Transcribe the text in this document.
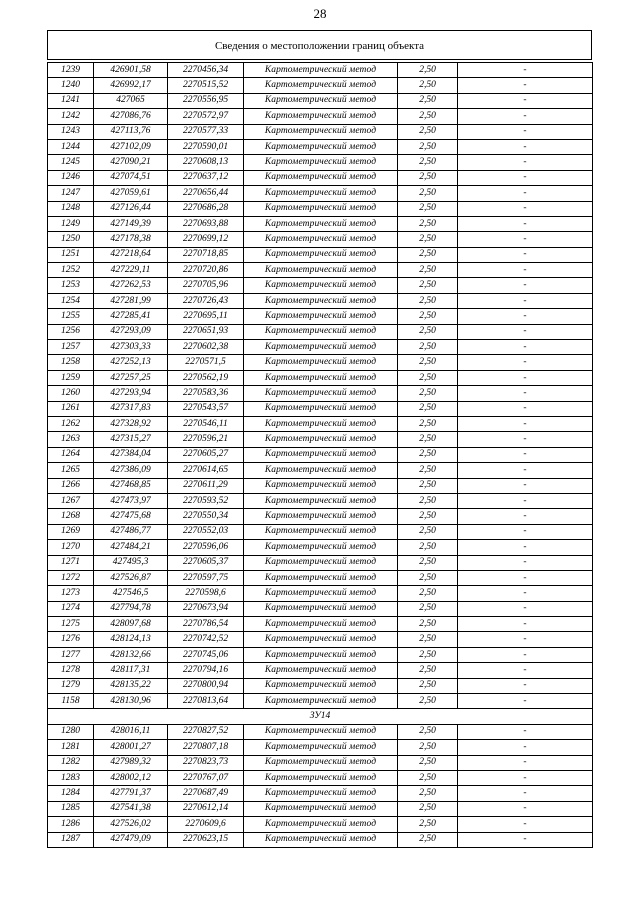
28
Сведения о местоположении границ объекта
1239	426901,58	2270456,34	Картометрический метод	2,50	-
1240	426992,17	2270515,52	Картометрический метод	2,50	-
1241	427065	2270556,95	Картометрический метод	2,50	-
1242	427086,76	2270572,97	Картометрический метод	2,50	-
1243	427113,76	2270577,33	Картометрический метод	2,50	-
1244	427102,09	2270590,01	Картометрический метод	2,50	-
1245	427090,21	2270608,13	Картометрический метод	2,50	-
1246	427074,51	2270637,12	Картометрический метод	2,50	-
1247	427059,61	2270656,44	Картометрический метод	2,50	-
1248	427126,44	2270686,28	Картометрический метод	2,50	-
1249	427149,39	2270693,88	Картометрический метод	2,50	-
1250	427178,38	2270699,12	Картометрический метод	2,50	-
1251	427218,64	2270718,85	Картометрический метод	2,50	-
1252	427229,11	2270720,86	Картометрический метод	2,50	-
1253	427262,53	2270705,96	Картометрический метод	2,50	-
1254	427281,99	2270726,43	Картометрический метод	2,50	-
1255	427285,41	2270695,11	Картометрический метод	2,50	-
1256	427293,09	2270651,93	Картометрический метод	2,50	-
1257	427303,33	2270602,38	Картометрический метод	2,50	-
1258	427252,13	2270571,5	Картометрический метод	2,50	-
1259	427257,25	2270562,19	Картометрический метод	2,50	-
1260	427293,94	2270583,36	Картометрический метод	2,50	-
1261	427317,83	2270543,57	Картометрический метод	2,50	-
1262	427328,92	2270546,11	Картометрический метод	2,50	-
1263	427315,27	2270596,21	Картометрический метод	2,50	-
1264	427384,04	2270605,27	Картометрический метод	2,50	-
1265	427386,09	2270614,65	Картометрический метод	2,50	-
1266	427468,85	2270611,29	Картометрический метод	2,50	-
1267	427473,97	2270593,52	Картометрический метод	2,50	-
1268	427475,68	2270550,34	Картометрический метод	2,50	-
1269	427486,77	2270552,03	Картометрический метод	2,50	-
1270	427484,21	2270596,06	Картометрический метод	2,50	-
1271	427495,3	2270605,37	Картометрический метод	2,50	-
1272	427526,87	2270597,75	Картометрический метод	2,50	-
1273	427546,5	2270598,6	Картометрический метод	2,50	-
1274	427794,78	2270673,94	Картометрический метод	2,50	-
1275	428097,68	2270786,54	Картометрический метод	2,50	-
1276	428124,13	2270742,52	Картометрический метод	2,50	-
1277	428132,66	2270745,06	Картометрический метод	2,50	-
1278	428117,31	2270794,16	Картометрический метод	2,50	-
1279	428135,22	2270800,94	Картометрический метод	2,50	-
1158	428130,96	2270813,64	Картометрический метод	2,50	-
ЗУ14					
1280	428016,11	2270827,52	Картометрический метод	2,50	-
1281	428001,27	2270807,18	Картометрический метод	2,50	-
1282	427989,32	2270823,73	Картометрический метод	2,50	-
1283	428002,12	2270767,07	Картометрический метод	2,50	-
1284	427791,37	2270687,49	Картометрический метод	2,50	-
1285	427541,38	2270612,14	Картометрический метод	2,50	-
1286	427526,02	2270609,6	Картометрический метод	2,50	-
1287	427479,09	2270623,15	Картометрический метод	2,50	-
